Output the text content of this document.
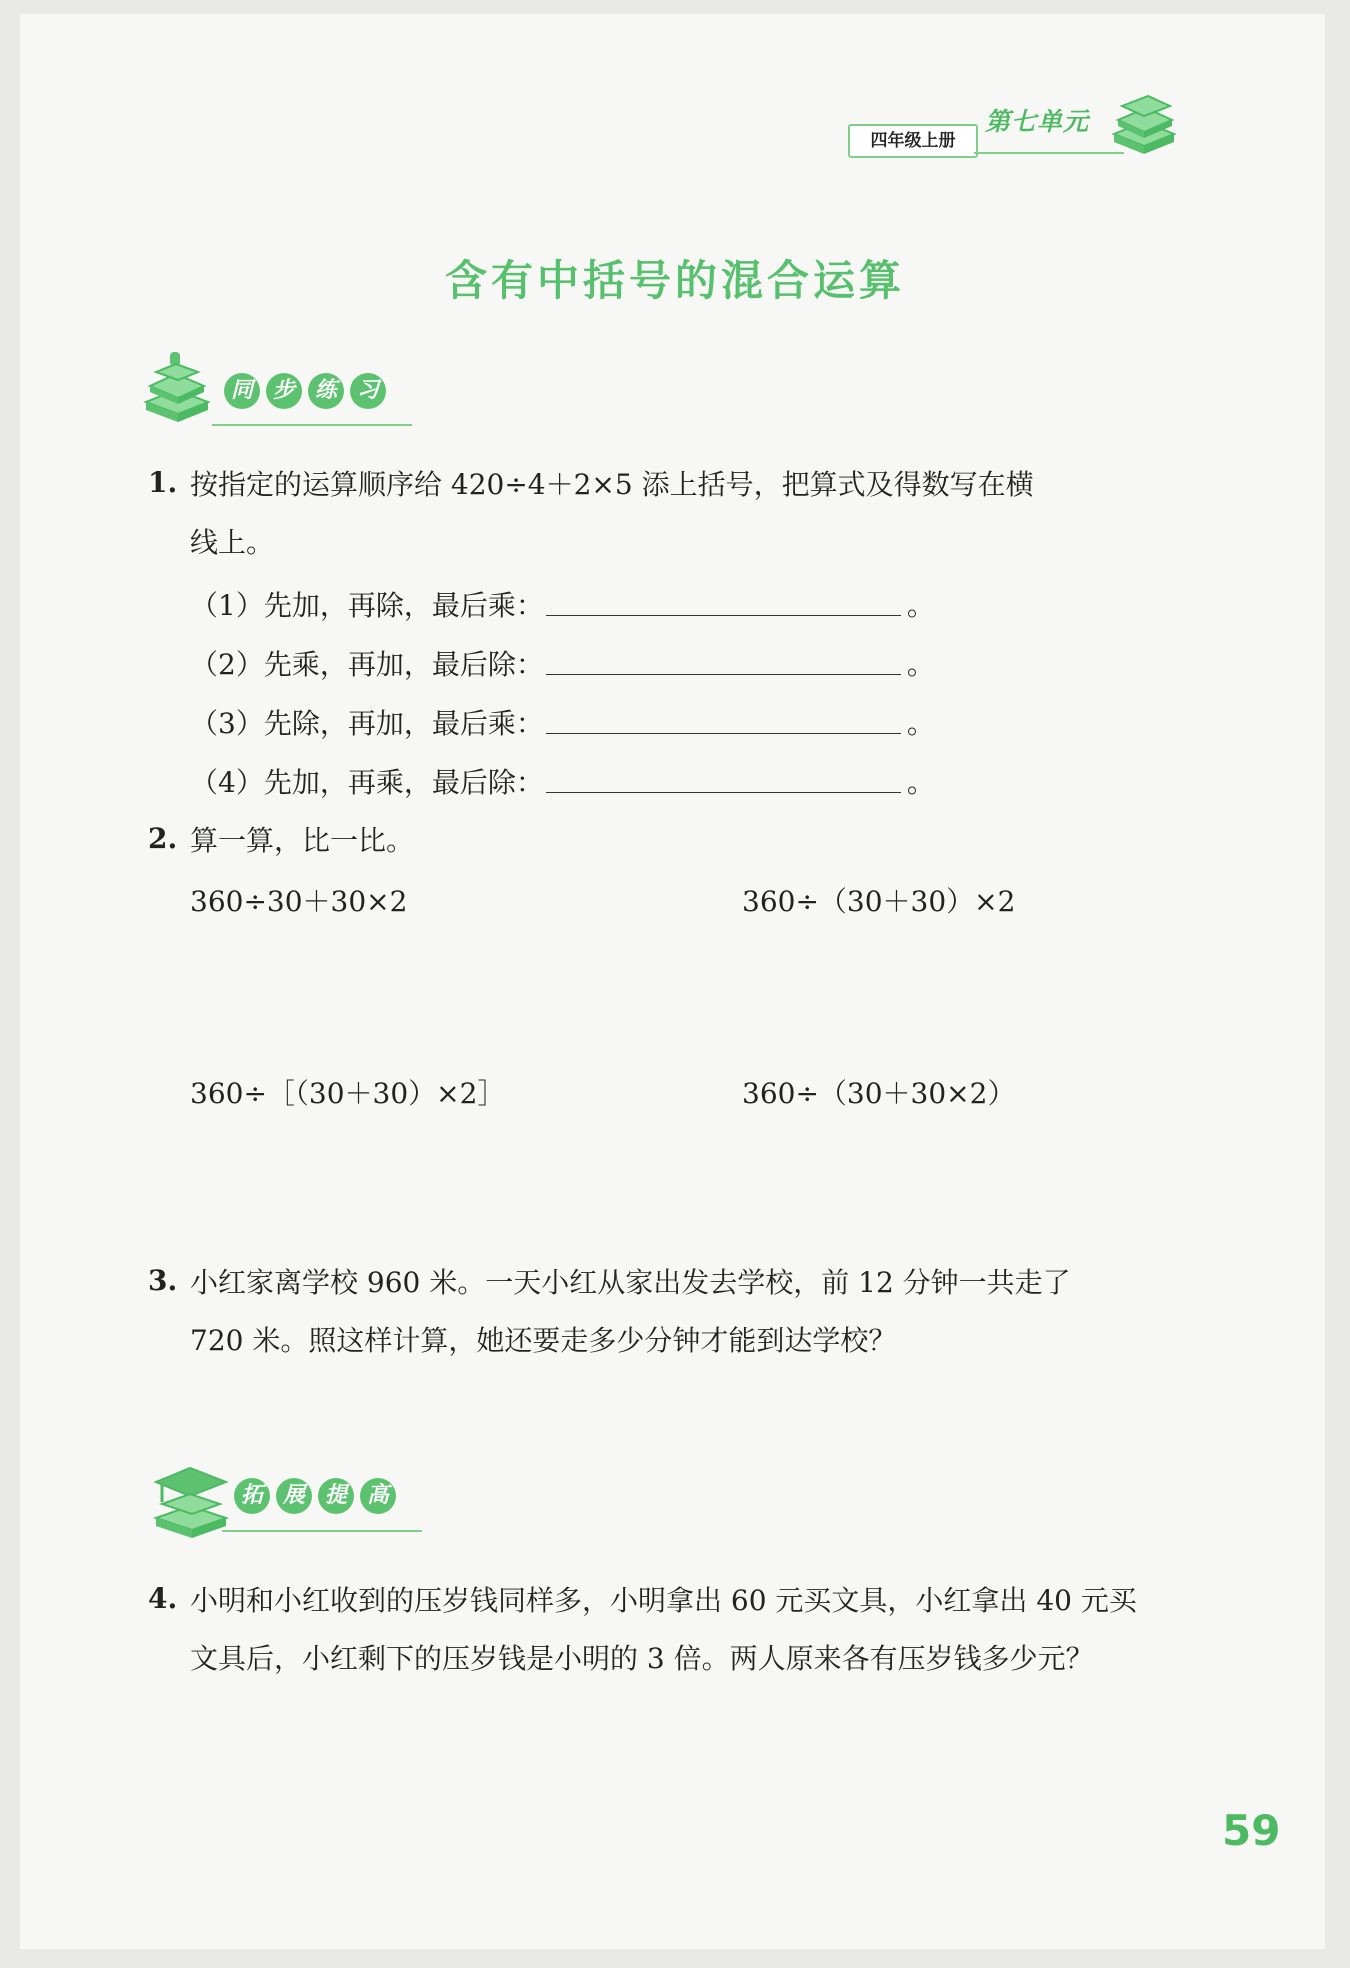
四年级上册
第七单元
含有中括号的混合运算
同 步 练 习
1. 按指定的运算顺序给 420÷4＋2×5 添上括号，把算式及得数写在横
线上。
（1）先加，再除，最后乘：	。
（2）先乘，再加，最后除：	。
（3）先除，再加，最后乘：	。
（4）先加，再乘，最后除：	。
2. 算一算，比一比。
360÷30＋30×2	360÷（30＋30）×2
360÷［（30＋30）×2］	360÷（30＋30×2）
3. 小红家离学校 960 米。一天小红从家出发去学校，前 12 分钟一共走了
720 米。照这样计算，她还要走多少分钟才能到达学校？
拓 展 提 高
4. 小明和小红收到的压岁钱同样多，小明拿出 60 元买文具，小红拿出 40 元买
文具后，小红剩下的压岁钱是小明的 3 倍。两人原来各有压岁钱多少元？
59
